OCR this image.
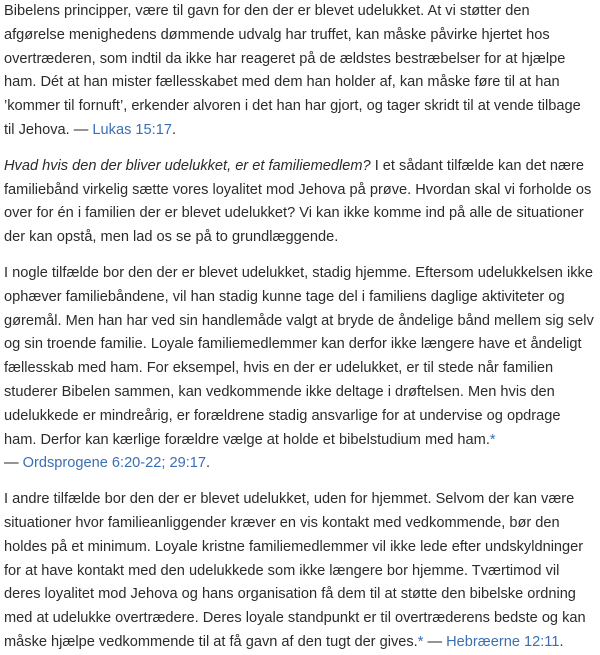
Bibelens principper, være til gavn for den der er blevet udelukket. At vi støtter den afgørelse menighedens dømmende udvalg har truffet, kan måske påvirke hjertet hos overtræderen, som indtil da ikke har reageret på de ældstes bestræbelser for at hjælpe ham. Dét at han mister fællesskabet med dem han holder af, kan måske føre til at han ’kommer til fornuft’, erkender alvoren i det han har gjort, og tager skridt til at vende tilbage til Jehova. — Lukas 15:17.

Hvad hvis den der bliver udelukket, er et familiemedlem? I et sådant tilfælde kan det nære familiebånd virkelig sætte vores loyalitet mod Jehova på prøve. Hvordan skal vi forholde os over for én i familien der er blevet udelukket? Vi kan ikke komme ind på alle de situationer der kan opstå, men lad os se på to grundlæggende.

I nogle tilfælde bor den der er blevet udelukket, stadig hjemme. Eftersom udelukkelsen ikke ophæver familiebåndene, vil han stadig kunne tage del i familiens daglige aktiviteter og gøremål. Men han har ved sin handlemåde valgt at bryde de åndelige bånd mellem sig selv og sin troende familie. Loyale familiemedlemmer kan derfor ikke længere have et åndeligt fællesskab med ham. For eksempel, hvis en der er udelukket, er til stede når familien studerer Bibelen sammen, kan vedkommende ikke deltage i drøftelsen. Men hvis den udelukkede er mindreårig, er forældrene stadig ansvarlige for at undervise og opdrage ham. Derfor kan kærlige forældre vælge at holde et bibelstudium med ham.*
— Ordsprogene 6:20-22; 29:17.

I andre tilfælde bor den der er blevet udelukket, uden for hjemmet. Selvom der kan være situationer hvor familieanliggender kræver en vis kontakt med vedkommende, bør den holdes på et minimum. Loyale kristne familiemedlemmer vil ikke lede efter undskyldninger for at have kontakt med den udelukkede som ikke længere bor hjemme. Tværtimod vil deres loyalitet mod Jehova og hans organisation få dem til at støtte den bibelske ordning med at udelukke overtrædere. Deres loyale standpunkt er til overtræderens bedste og kan måske hjælpe vedkommende til at få gavn af den tugt der gives.* — Hebræerne 12:11.
